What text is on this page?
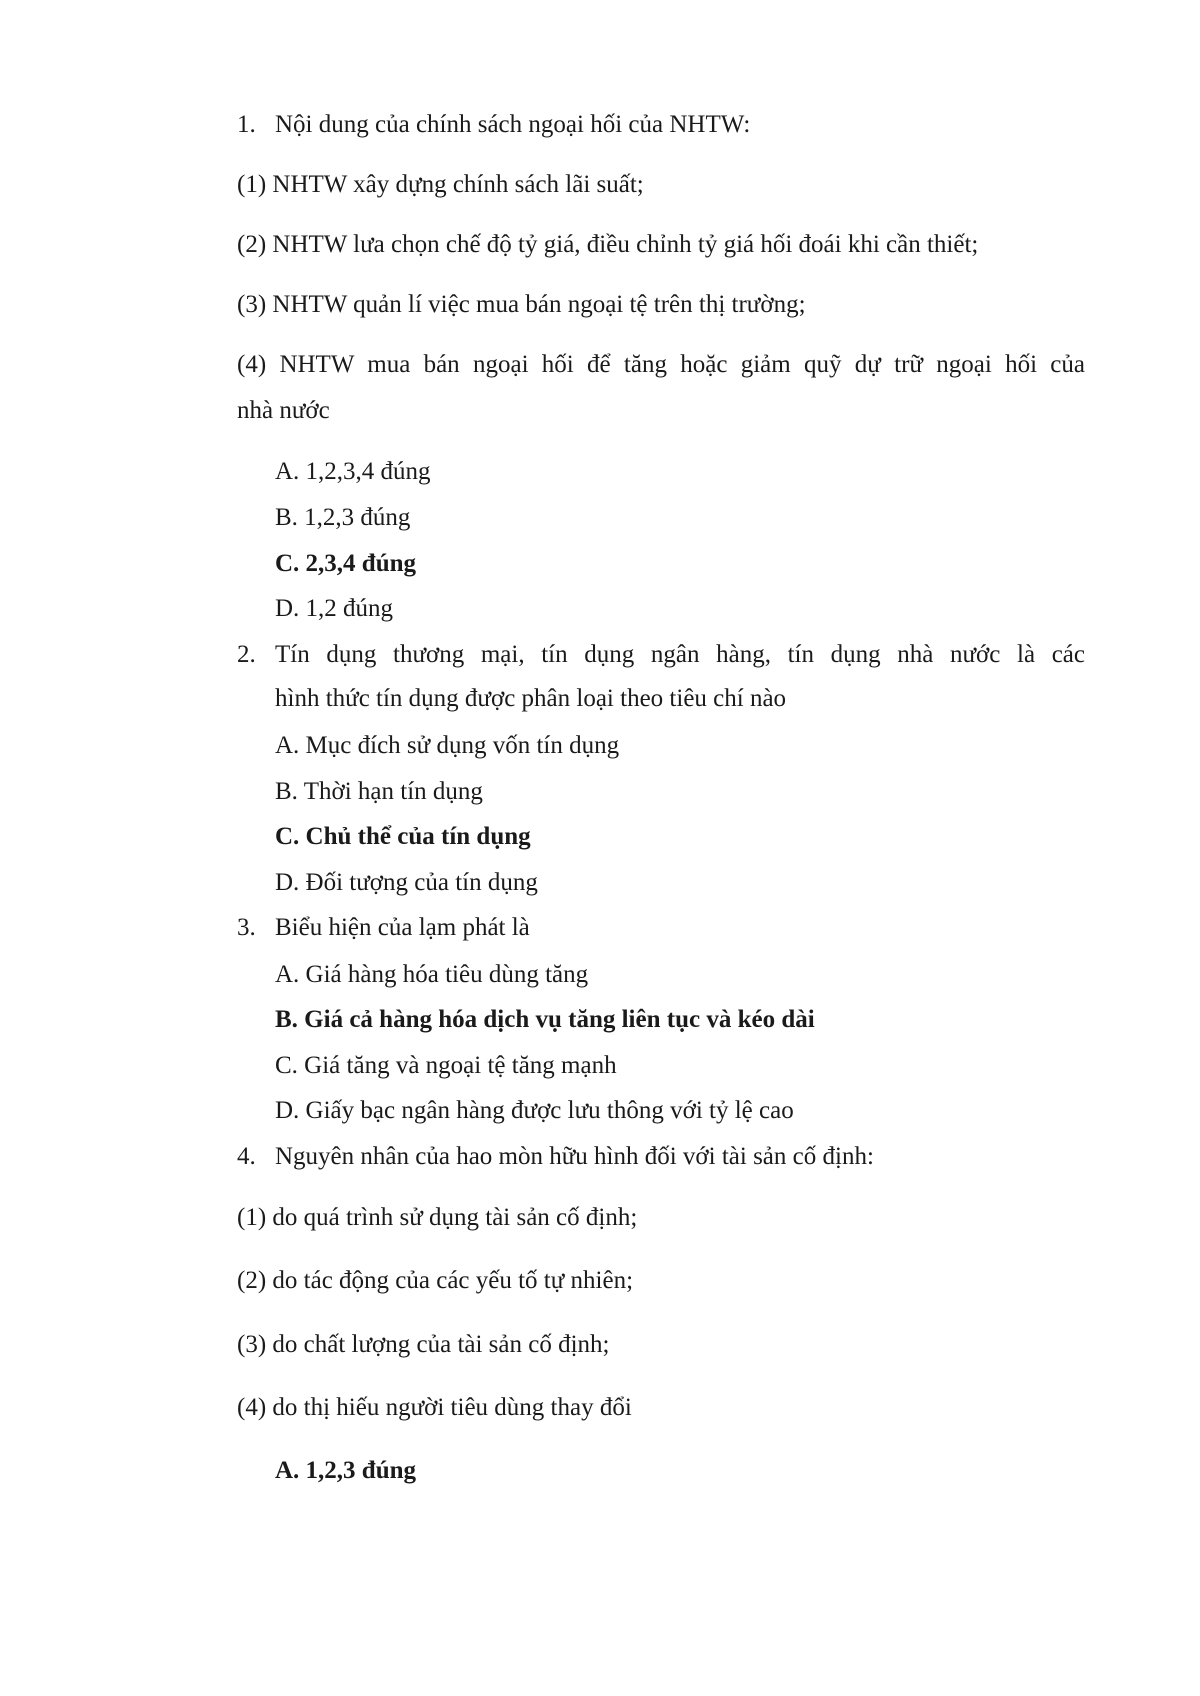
1. Nội dung của chính sách ngoại hối của NHTW:
(1) NHTW xây dựng chính sách lãi suất;
(2) NHTW lưa chọn chế độ tỷ giá, điều chỉnh tỷ giá hối đoái khi cần thiết;
(3) NHTW quản lí việc mua bán ngoại tệ trên thị trường;
(4) NHTW mua bán ngoại hối để tăng hoặc giảm quỹ dự trữ ngoại hối của
nhà nước
A. 1,2,3,4 đúng
B. 1,2,3 đúng
C. 2,3,4 đúng
D. 1,2 đúng
2. Tín dụng thương mại, tín dụng ngân hàng, tín dụng nhà nước là các
hình thức tín dụng được phân loại theo tiêu chí nào
A. Mục đích sử dụng vốn tín dụng
B. Thời hạn tín dụng
C. Chủ thể của tín dụng
D. Đối tượng của tín dụng
3. Biểu hiện của lạm phát là
A. Giá hàng hóa tiêu dùng tăng
B. Giá cả hàng hóa dịch vụ tăng liên tục và kéo dài
C. Giá tăng và ngoại tệ tăng mạnh
D. Giấy bạc ngân hàng được lưu thông với tỷ lệ cao
4. Nguyên nhân của hao mòn hữu hình đối với tài sản cố định:
(1) do quá trình sử dụng tài sản cố định;
(2) do tác động của các yếu tố tự nhiên;
(3) do chất lượng của tài sản cố định;
(4) do thị hiếu người tiêu dùng thay đổi
A. 1,2,3 đúng
